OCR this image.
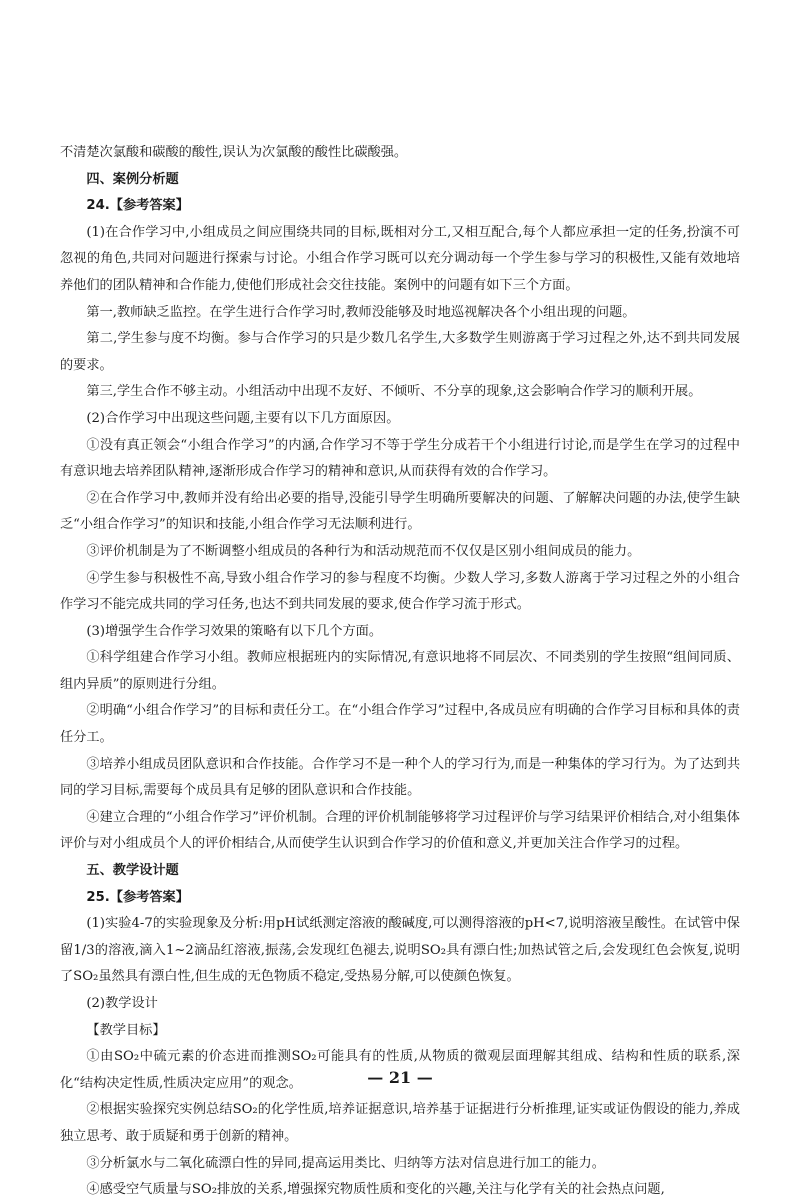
不清楚次氯酸和碳酸的酸性,误认为次氯酸的酸性比碳酸强。

四、案例分析题

24.【参考答案】

(1)在合作学习中,小组成员之间应围绕共同的目标,既相对分工,又相互配合,每个人都应承担一定的任务,扮演不可忽视的角色,共同对问题进行探索与讨论。小组合作学习既可以充分调动每一个学生参与学习的积极性,又能有效地培养他们的团队精神和合作能力,使他们形成社会交往技能。案例中的问题有如下三个方面。

第一,教师缺乏监控。在学生进行合作学习时,教师没能够及时地巡视解决各个小组出现的问题。

第二,学生参与度不均衡。参与合作学习的只是少数几名学生,大多数学生则游离于学习过程之外,达不到共同发展的要求。

第三,学生合作不够主动。小组活动中出现不友好、不倾听、不分享的现象,这会影响合作学习的顺利开展。

(2)合作学习中出现这些问题,主要有以下几方面原因。

①没有真正领会“小组合作学习”的内涵,合作学习不等于学生分成若干个小组进行讨论,而是学生在学习的过程中有意识地去培养团队精神,逐渐形成合作学习的精神和意识,从而获得有效的合作学习。

②在合作学习中,教师并没有给出必要的指导,没能引导学生明确所要解决的问题、了解解决问题的办法,使学生缺乏“小组合作学习”的知识和技能,小组合作学习无法顺利进行。

③评价机制是为了不断调整小组成员的各种行为和活动规范而不仅仅是区别小组间成员的能力。

④学生参与积极性不高,导致小组合作学习的参与程度不均衡。少数人学习,多数人游离于学习过程之外的小组合作学习不能完成共同的学习任务,也达不到共同发展的要求,使合作学习流于形式。

(3)增强学生合作学习效果的策略有以下几个方面。

①科学组建合作学习小组。教师应根据班内的实际情况,有意识地将不同层次、不同类别的学生按照“组间同质、组内异质”的原则进行分组。

②明确“小组合作学习”的目标和责任分工。在“小组合作学习”过程中,各成员应有明确的合作学习目标和具体的责任分工。

③培养小组成员团队意识和合作技能。合作学习不是一种个人的学习行为,而是一种集体的学习行为。为了达到共同的学习目标,需要每个成员具有足够的团队意识和合作技能。

④建立合理的“小组合作学习”评价机制。合理的评价机制能够将学习过程评价与学习结果评价相结合,对小组集体评价与对小组成员个人的评价相结合,从而使学生认识到合作学习的价值和意义,并更加关注合作学习的过程。

五、教学设计题

25.【参考答案】

(1)实验4-7的实验现象及分析:用pH试纸测定溶液的酸碱度,可以测得溶液的pH<7,说明溶液呈酸性。在试管中保留1/3的溶液,滴入1~2滴品红溶液,振荡,会发现红色褪去,说明SO₂具有漂白性;加热试管之后,会发现红色会恢复,说明了SO₂虽然具有漂白性,但生成的无色物质不稳定,受热易分解,可以使颜色恢复。

(2)教学设计

【教学目标】

①由SO₂中硫元素的价态进而推测SO₂可能具有的性质,从物质的微观层面理解其组成、结构和性质的联系,深化“结构决定性质,性质决定应用”的观念。

②根据实验探究实例总结SO₂的化学性质,培养证据意识,培养基于证据进行分析推理,证实或证伪假设的能力,养成独立思考、敢于质疑和勇于创新的精神。

③分析氯水与二氧化硫漂白性的异同,提高运用类比、归纳等方法对信息进行加工的能力。

④感受空气质量与SO₂排放的关系,增强探究物质性质和变化的兴趣,关注与化学有关的社会热点问题,

— 21 —
